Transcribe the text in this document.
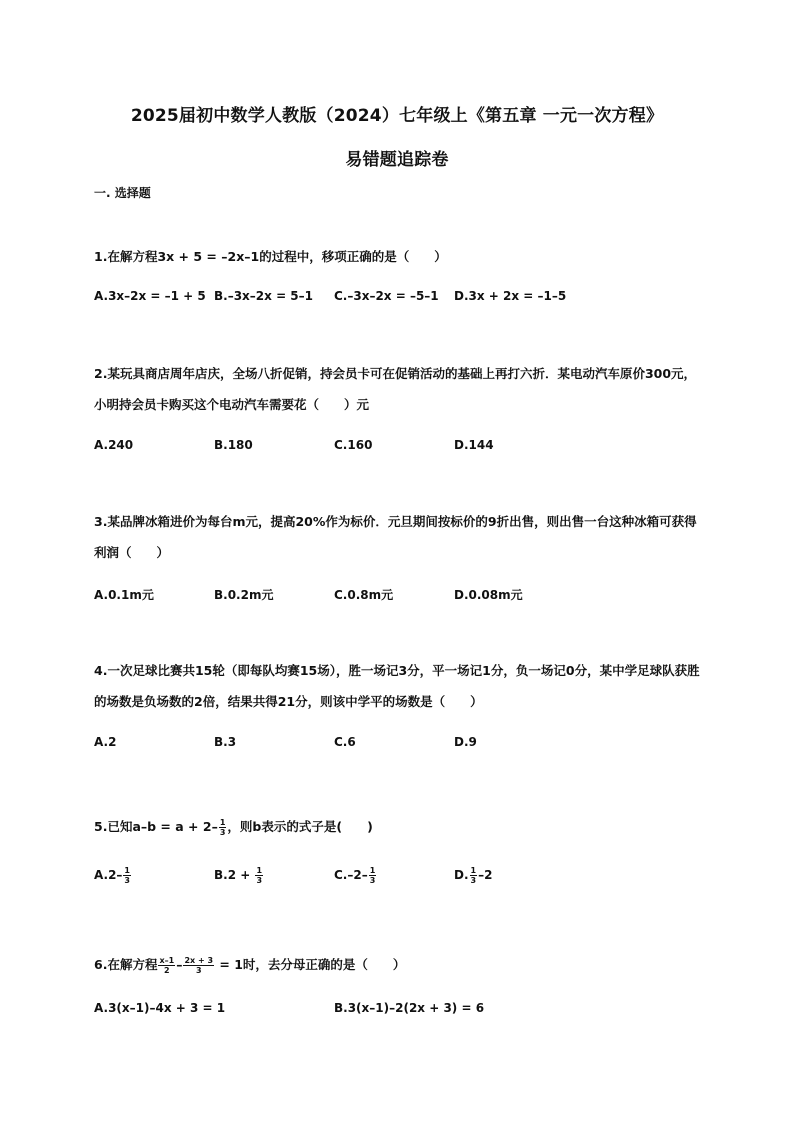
2025届初中数学人教版（2024）七年级上《第五章 一元一次方程》
易错题追踪卷
一. 选择题
1.在解方程3x + 5 = –2x–1的过程中，移项正确的是（　　）
A.3x–2x = –1 + 5 B.–3x–2x = 5–1 C.–3x–2x = –5–1 D.3x + 2x = –1–5
2.某玩具商店周年店庆，全场八折促销，持会员卡可在促销活动的基础上再打六折．某电动汽车原价300元，小明持会员卡购买这个电动汽车需要花（　　）元
A.240	B.180	C.160	D.144
3.某品牌冰箱进价为每台m元，提高20%作为标价．元旦期间按标价的9折出售，则出售一台这种冰箱可获得利润（　　）
A.0.1m元	B.0.2m元	C.0.8m元	D.0.08m元
4.一次足球比赛共15轮（即每队均赛15场），胜一场记3分，平一场记1分，负一场记0分，某中学足球队获胜的场数是负场数的2倍，结果共得21分，则该中学平的场数是（　　）
A.2	B.3	C.6	D.9
5.已知$a-b = a + 2- \frac{1}{3}$ ，则b表示的式子是(　　)
$A.2- \frac{1}{3}$	$B.2 + \frac{1}{3}$	$C.-2- \frac{1}{3}$	D. $\frac{1}{3} -2$
6.在解方程 $\frac{x-1}{2} - \frac{2x + 3}{3} = 1$时，去分母正确的是（　　）
A.3(x–1)–4x + 3 = 1	B.3(x–1)–2(2x + 3) = 6
